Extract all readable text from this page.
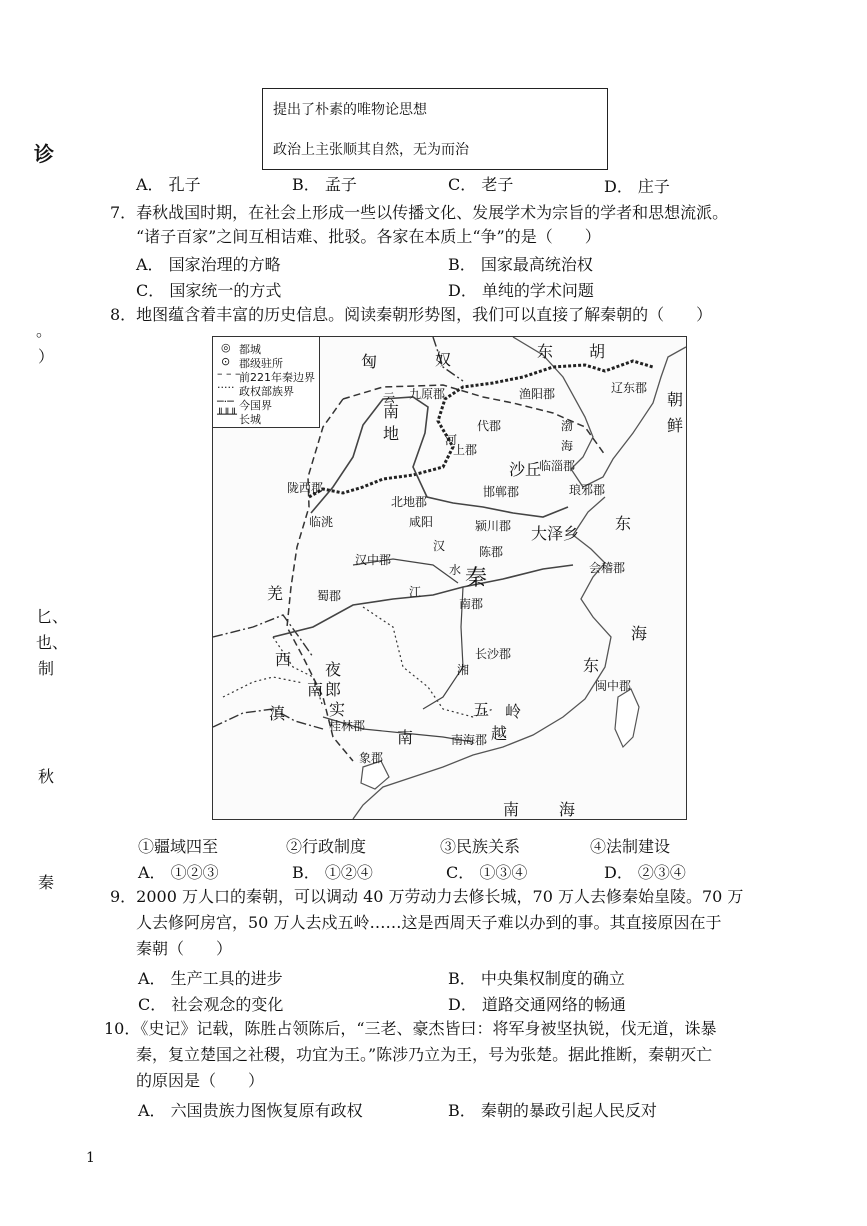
诊
。
）
匕、
也、
制
秋
秦
提出了朴素的唯物论思想
政治上主张顺其自然，无为而治
A． 孔子	B． 孟子	C． 老子	D． 庄子
7．春秋战国时期，在社会上形成一些以传播文化、发展学术为宗旨的学者和思想流派。
“诸子百家”之间互相诘难、批驳。各家在本质上“争”的是（　　）
A． 国家治理的方略	B． 国家最高统治权
C． 国家统一的方式	D． 单纯的学术问题
8．地图蕴含着丰富的历史信息。阅读秦朝形势图，我们可以直接了解秦朝的（　　）
◎ 都城
⊙ 郡级驻所
– – –
前221年秦边界
····· 政权部族界
─·─ 今国界
╨╨╨ 长城
匈	奴	东 胡
朝
鲜
九原郡
云
南
地	河
渔阳郡	辽东郡
代郡	渤
海
上郡
沙丘
临淄郡
邯郸郡	琅邪郡
陇西郡
北地郡
临洮	咸阳	颍川郡 大泽乡
东
汉中郡
陈郡
汉
水 秦	会稽郡
羌	蜀郡	江
南郡
海
东
西
夜
郎
南
湘
长沙郡
闽中郡
滇	实
桂林郡
南
五 岭
越
南海郡
象郡
南 海
①疆域四至	②行政制度	③民族关系	④法制建设
A． ①②③	B． ①②④	C． ①③④	D． ②③④
9．2000 万人口的秦朝，可以调动 40 万劳动力去修长城，70 万人去修秦始皇陵。70 万
人去修阿房宫，50 万人去戍五岭……这是西周天子难以办到的事。其直接原因在于
秦朝（　　）
A． 生产工具的进步	B． 中央集权制度的确立
C． 社会观念的变化	D． 道路交通网络的畅通
10．《史记》记载，陈胜占领陈后，“三老、豪杰皆曰：将军身被坚执锐，伐无道，诛暴
秦，复立楚国之社稷，功宜为王。”陈涉乃立为王，号为张楚。据此推断，秦朝灭亡
的原因是（　　）
A． 六国贵族力图恢复原有政权	B． 秦朝的暴政引起人民反对
1
